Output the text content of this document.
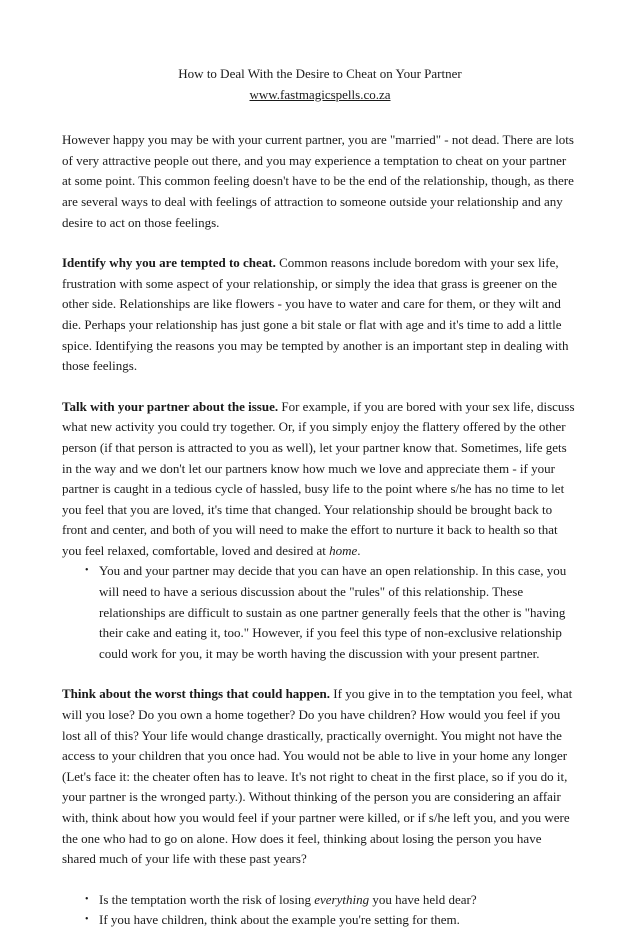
How to Deal With the Desire to Cheat on Your Partner

www.fastmagicspells.co.za

However happy you may be with your current partner, you are "married" - not dead. There are lots of very attractive people out there, and you may experience a temptation to cheat on your partner at some point. This common feeling doesn't have to be the end of the relationship, though, as there are several ways to deal with feelings of attraction to someone outside your relationship and any desire to act on those feelings.

Identify why you are tempted to cheat. Common reasons include boredom with your sex life, frustration with some aspect of your relationship, or simply the idea that grass is greener on the other side. Relationships are like flowers - you have to water and care for them, or they wilt and die. Perhaps your relationship has just gone a bit stale or flat with age and it's time to add a little spice. Identifying the reasons you may be tempted by another is an important step in dealing with those feelings.

Talk with your partner about the issue. For example, if you are bored with your sex life, discuss what new activity you could try together. Or, if you simply enjoy the flattery offered by the other person (if that person is attracted to you as well), let your partner know that. Sometimes, life gets in the way and we don't let our partners know how much we love and appreciate them - if your partner is caught in a tedious cycle of hassled, busy life to the point where s/he has no time to let you feel that you are loved, it's time that changed. Your relationship should be brought back to front and center, and both of you will need to make the effort to nurture it back to health so that you feel relaxed, comfortable, loved and desired at home.

• You and your partner may decide that you can have an open relationship. In this case, you will need to have a serious discussion about the "rules" of this relationship. These relationships are difficult to sustain as one partner generally feels that the other is "having their cake and eating it, too." However, if you feel this type of non-exclusive relationship could work for you, it may be worth having the discussion with your present partner.

Think about the worst things that could happen. If you give in to the temptation you feel, what will you lose? Do you own a home together? Do you have children? How would you feel if you lost all of this? Your life would change drastically, practically overnight. You might not have the access to your children that you once had. You would not be able to live in your home any longer (Let's face it: the cheater often has to leave. It's not right to cheat in the first place, so if you do it, your partner is the wronged party.). Without thinking of the person you are considering an affair with, think about how you would feel if your partner were killed, or if s/he left you, and you were the one who had to go on alone. How does it feel, thinking about losing the person you have shared much of your life with these past years?

• Is the temptation worth the risk of losing everything you have held dear?
• If you have children, think about the example you're setting for them.
